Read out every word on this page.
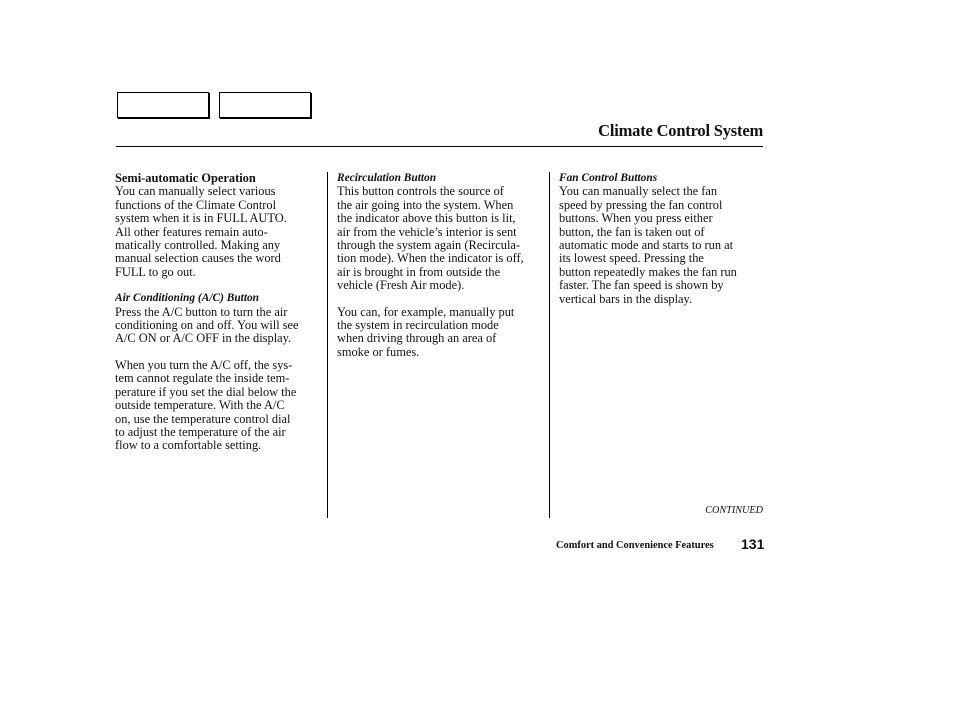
Climate Control System
Semi-automatic Operation

You can manually select various
functions of the Climate Control
system when it is in FULL AUTO.
All other features remain auto-
matically controlled. Making any
manual selection causes the word
FULL to go out.

Air Conditioning (A/C) Button

Press the A/C button to turn the air
conditioning on and off. You will see
A/C ON or A/C OFF in the display.

When you turn the A/C off, the sys-
tem cannot regulate the inside tem-
perature if you set the dial below the
outside temperature. With the A/C
on, use the temperature control dial
to adjust the temperature of the air
flow to a comfortable setting.

Recirculation Button

This button controls the source of
the air going into the system. When
the indicator above this button is lit,
air from the vehicle’s interior is sent
through the system again (Recircula-
tion mode). When the indicator is off,
air is brought in from outside the
vehicle (Fresh Air mode).

You can, for example, manually put
the system in recirculation mode
when driving through an area of
smoke or fumes.

Fan Control Buttons

You can manually select the fan
speed by pressing the fan control
buttons. When you press either
button, the fan is taken out of
automatic mode and starts to run at
its lowest speed. Pressing the
button repeatedly makes the fan run
faster. The fan speed is shown by
vertical bars in the display.

CONTINUED
Comfort and Convenience Features 131
